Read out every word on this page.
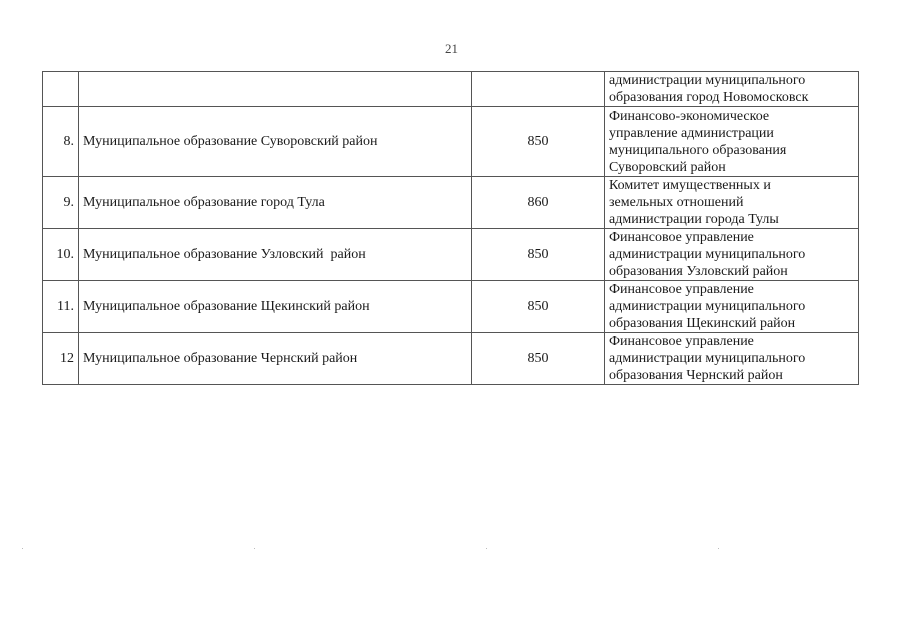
21

			администрации муниципального
образования город Новомосковск

8.	Муниципальное образование Суворовский район	850	Финансово-экономическое
управление администрации
муниципального образования
Суворовский район

9.	Муниципальное образование город Тула	860	Комитет имущественных и
земельных отношений
администрации города Тулы

10.	Муниципальное образование Узловский  район	850	Финансовое управление
администрации муниципального
образования Узловский район

11.	Муниципальное образование Щекинский район	850	Финансовое управление
администрации муниципального
образования Щекинский район

12	Муниципальное образование Чернский район	850	Финансовое управление
администрации муниципального
образования Чернский район
